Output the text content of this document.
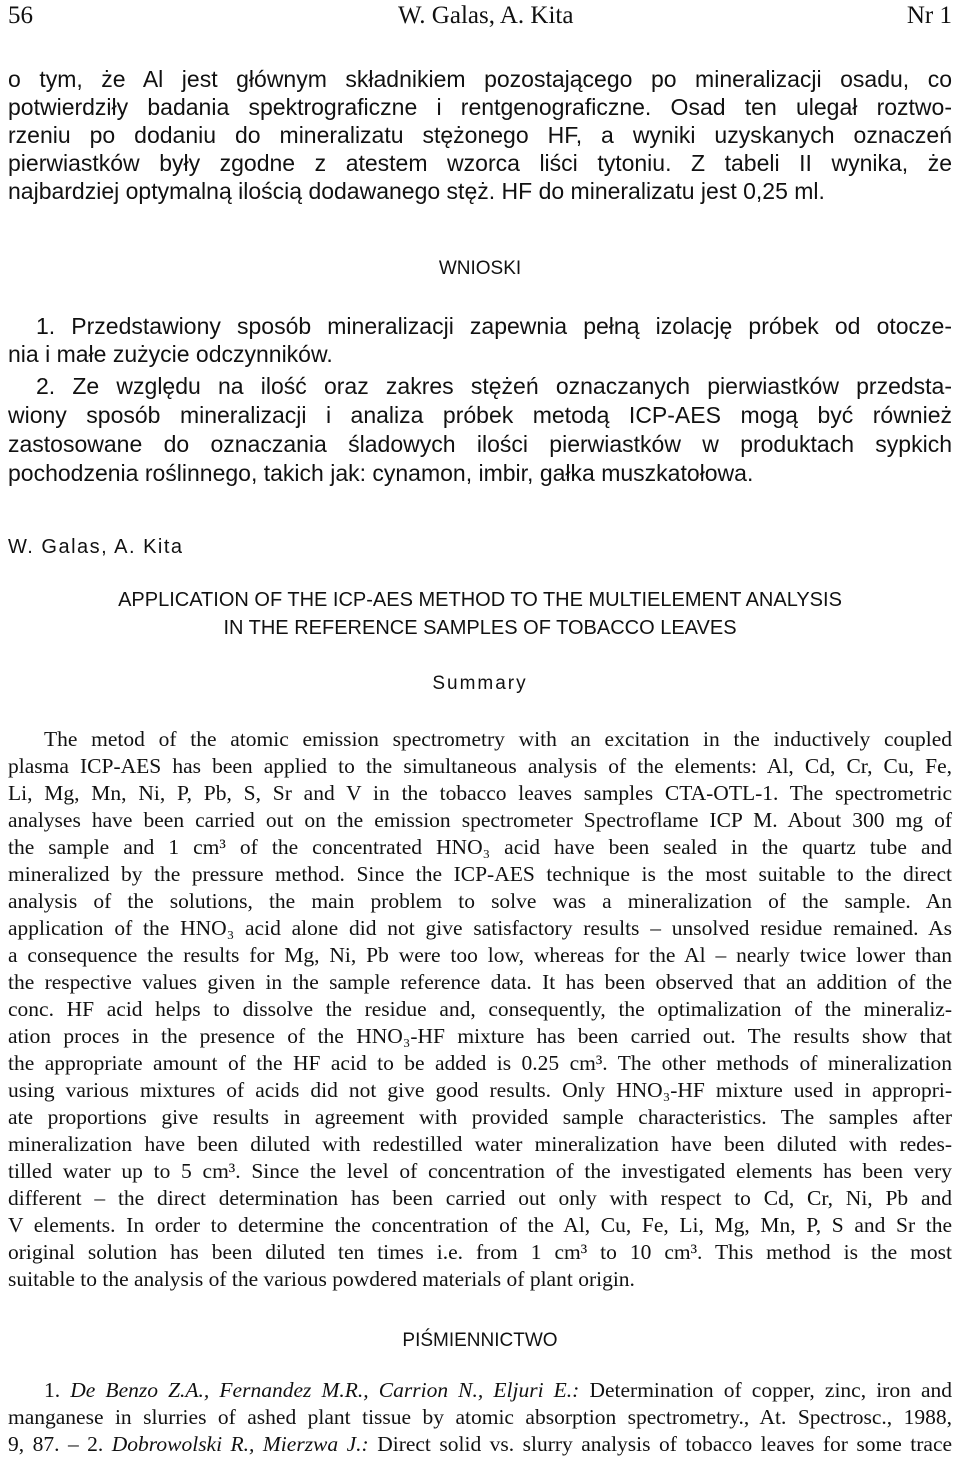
56	W. Galas, A. Kita	Nr 1
o tym, że Al jest głównym składnikiem pozostającego po mineralizacji osadu, co
potwierdziły badania spektrograficzne i rentgenograficzne. Osad ten ulegał roztwo-
rzeniu po dodaniu do mineralizatu stężonego HF, a wyniki uzyskanych oznaczeń
pierwiastków były zgodne z atestem wzorca liści tytoniu. Z tabeli II wynika, że
najbardziej optymalną ilością dodawanego stęż. HF do mineralizatu jest 0,25 ml.
WNIOSKI
1. Przedstawiony sposób mineralizacji zapewnia pełną izolację próbek od otocze-
nia i małe zużycie odczynników.
2. Ze względu na ilość oraz zakres stężeń oznaczanych pierwiastków przedsta-
wiony sposób mineralizacji i analiza próbek metodą ICP-AES mogą być również
zastosowane do oznaczania śladowych ilości pierwiastków w produktach sypkich
pochodzenia roślinnego, takich jak: cynamon, imbir, gałka muszkatołowa.
W. Galas, A. Kita
APPLICATION OF THE ICP-AES METHOD TO THE MULTIELEMENT ANALYSIS
IN THE REFERENCE SAMPLES OF TOBACCO LEAVES
Summary
The metod of the atomic emission spectrometry with an excitation in the inductively coupled
plasma ICP-AES has been applied to the simultaneous analysis of the elements: Al, Cd, Cr, Cu, Fe,
Li, Mg, Mn, Ni, P, Pb, S, Sr and V in the tobacco leaves samples CTA-OTL-1. The spectrometric
analyses have been carried out on the emission spectrometer Spectroflame ICP M. About 300 mg of
the sample and 1 cm³ of the concentrated HNO₃ acid have been sealed in the quartz tube and
mineralized by the pressure method. Since the ICP-AES technique is the most suitable to the direct
analysis of the solutions, the main problem to solve was a mineralization of the sample. An
application of the HNO₃ acid alone did not give satisfactory results – unsolved residue remained. As
a consequence the results for Mg, Ni, Pb were too low, whereas for the Al – nearly twice lower than
the respective values given in the sample reference data. It has been observed that an addition of the
conc. HF acid helps to dissolve the residue and, consequently, the optimalization of the mineraliz-
ation proces in the presence of the HNO₃-HF mixture has been carried out. The results show that
the appropriate amount of the HF acid to be added is 0.25 cm³. The other methods of mineralization
using various mixtures of acids did not give good results. Only HNO₃-HF mixture used in appropri-
ate proportions give results in agreement with provided sample characteristics. The samples after
mineralization have been diluted with redestilled water mineralization have been diluted with redes-
tilled water up to 5 cm³. Since the level of concentration of the investigated elements has been very
different – the direct determination has been carried out only with respect to Cd, Cr, Ni, Pb and
V elements. In order to determine the concentration of the Al, Cu, Fe, Li, Mg, Mn, P, S and Sr the
original solution has been diluted ten times i.e. from 1 cm³ to 10 cm³. This method is the most
suitable to the analysis of the various powdered materials of plant origin.
PIŚMIENNICTWO
1. De Benzo Z.A., Fernandez M.R., Carrion N., Eljuri E.: Determination of copper, zinc, iron and
manganese in slurries of ashed plant tissue by atomic absorption spectrometry., At. Spectrosc., 1988,
9, 87. – 2. Dobrowolski R., Mierzwa J.: Direct solid vs. slurry analysis of tobacco leaves for some trace
